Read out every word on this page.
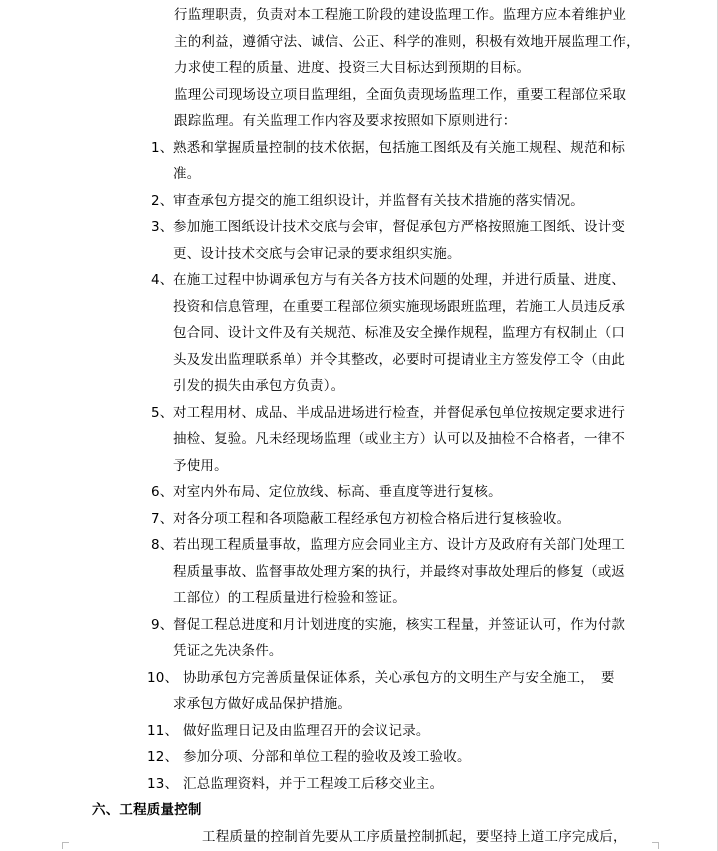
行监理职责，负责对本工程施工阶段的建设监理工作。监理方应本着维护业

主的利益，遵循守法、诚信、公正、科学的准则，积极有效地开展监理工作，

力求使工程的质量、进度、投资三大目标达到预期的目标。

监理公司现场设立项目监理组，全面负责现场监理工作，重要工程部位采取

跟踪监理。有关监理工作内容及要求按照如下原则进行：

1、 熟悉和掌握质量控制的技术依据，包括施工图纸及有关施工规程、规范和标
准。
2、 审查承包方提交的施工组织设计，并监督有关技术措施的落实情况。
3、 参加施工图纸设计技术交底与会审，督促承包方严格按照施工图纸、设计变
更、设计技术交底与会审记录的要求组织实施。
4、 在施工过程中协调承包方与有关各方技术问题的处理，并进行质量、进度、
投资和信息管理，在重要工程部位须实施现场跟班监理，若施工人员违反承
包合同、设计文件及有关规范、标准及安全操作规程，监理方有权制止（口
头及发出监理联系单）并令其整改，必要时可提请业主方签发停工令（由此
引发的损失由承包方负责）。
5、 对工程用材、成品、半成品进场进行检查，并督促承包单位按规定要求进行
抽检、复验。凡未经现场监理（或业主方）认可以及抽检不合格者，一律不
予使用。
6、 对室内外布局、定位放线、标高、垂直度等进行复核。
7、 对各分项工程和各项隐蔽工程经承包方初检合格后进行复核验收。
8、 若出现工程质量事故，监理方应会同业主方、设计方及政府有关部门处理工
程质量事故、监督事故处理方案的执行，并最终对事故处理后的修复（或返
工部位）的工程质量进行检验和签证。
9、 督促工程总进度和月计划进度的实施，核实工程量，并签证认可，作为付款
凭证之先决条件。
10、 协助承包方完善质量保证体系，关心承包方的文明生产与安全施工，　要
求承包方做好成品保护措施。
11、 做好监理日记及由监理召开的会议记录。
12、 参加分项、分部和单位工程的验收及竣工验收。
13、 汇总监理资料，并于工程竣工后移交业主。

六、工程质量控制

工程质量的控制首先要从工序质量控制抓起，要坚持上道工序完成后，
